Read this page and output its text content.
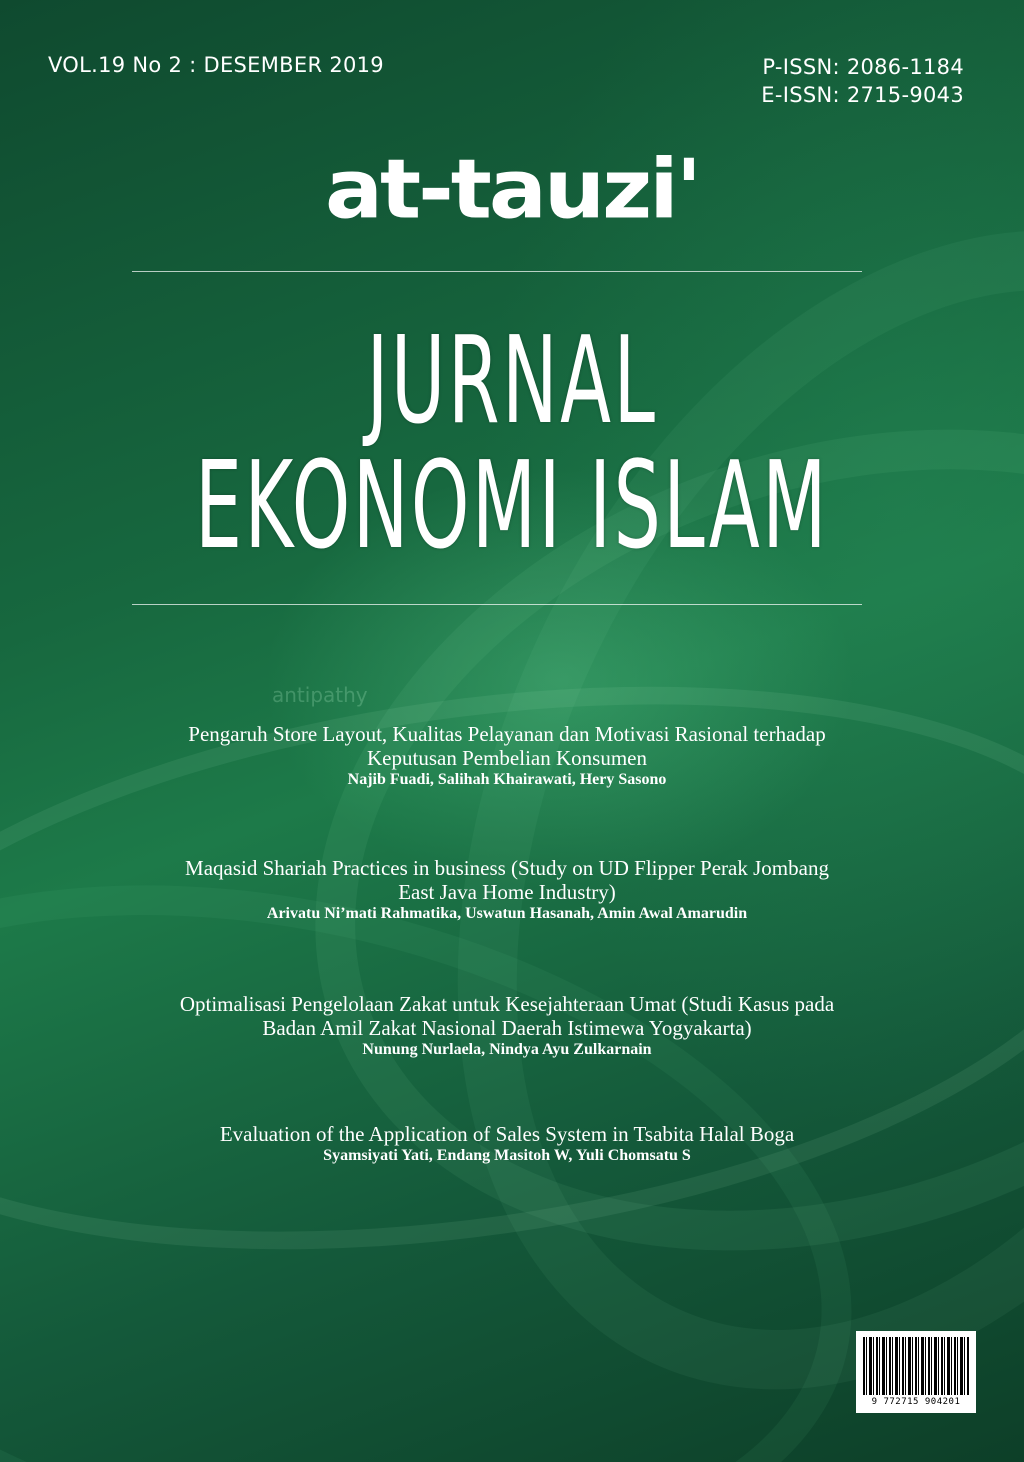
VOL.19 No 2 : DESEMBER 2019	P-ISSN: 2086-1184
E-ISSN: 2715-9043
at-tauzi'
JURNAL
EKONOMI ISLAM
antipathy
Pengaruh Store Layout, Kualitas Pelayanan dan Motivasi Rasional terhadap
Keputusan Pembelian Konsumen
Najib Fuadi, Salihah Khairawati, Hery Sasono
Maqasid Shariah Practices in business (Study on UD Flipper Perak Jombang
East Java Home Industry)
Arivatu Ni’mati Rahmatika, Uswatun Hasanah, Amin Awal Amarudin
Optimalisasi Pengelolaan Zakat untuk Kesejahteraan Umat (Studi Kasus pada
Badan Amil Zakat Nasional Daerah Istimewa Yogyakarta)
Nunung Nurlaela, Nindya Ayu Zulkarnain
Evaluation of the Application of Sales System in Tsabita Halal Boga
Syamsiyati Yati, Endang Masitoh W, Yuli Chomsatu S
9 772715 904201
